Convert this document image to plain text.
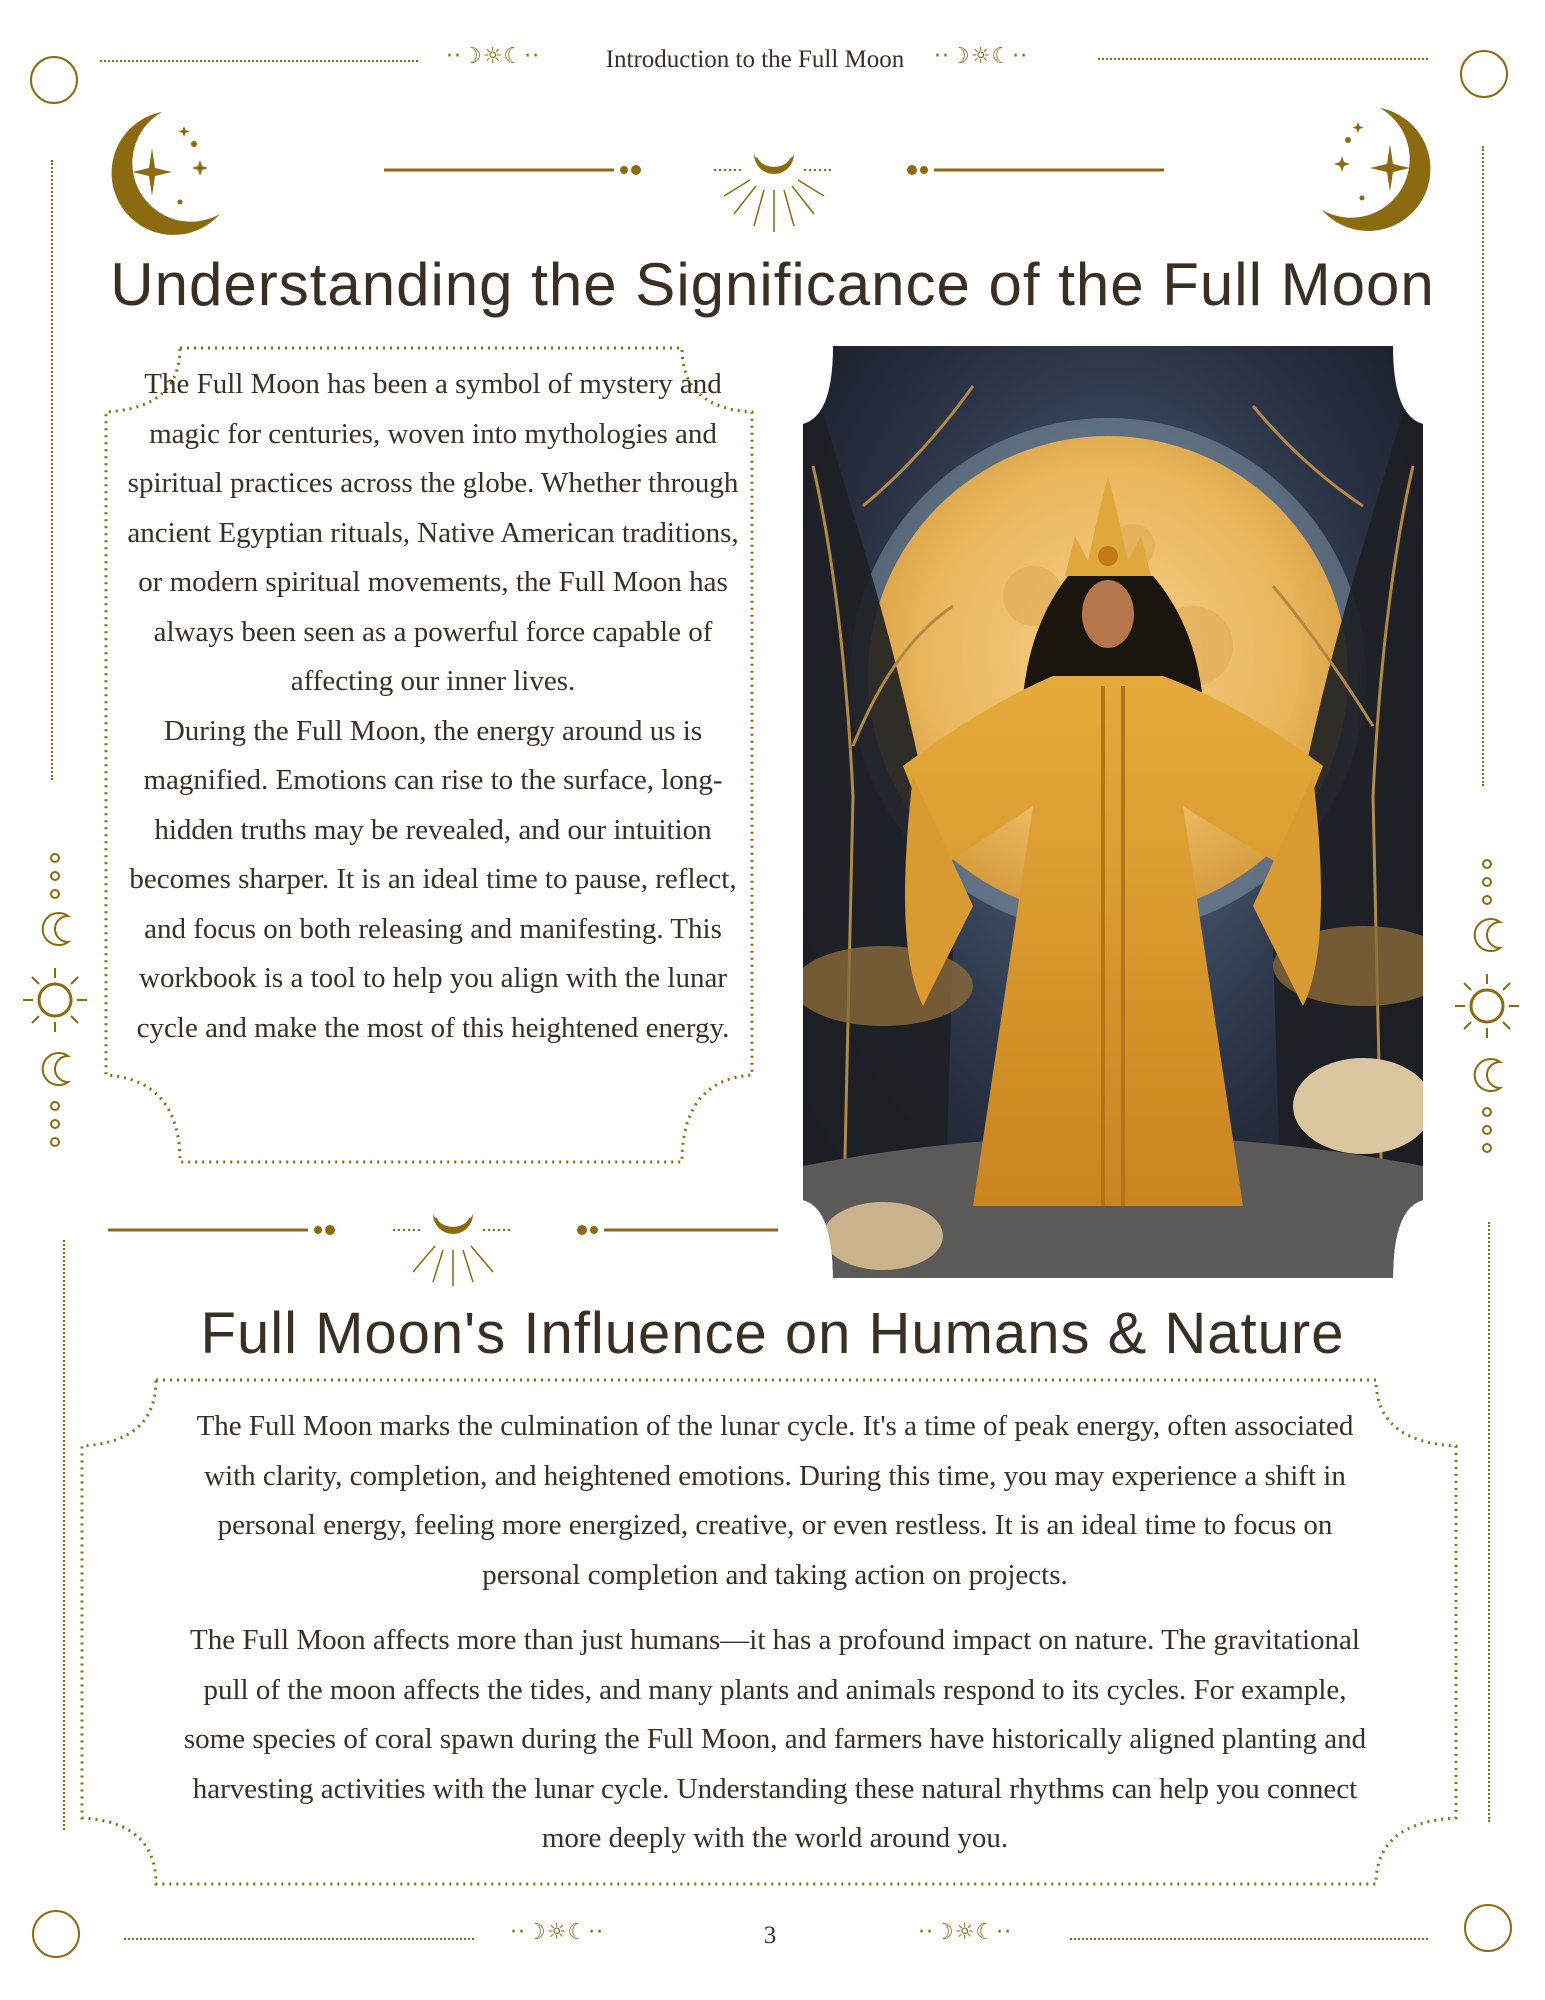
··☽☼☾··	Introduction to the Full Moon	··☽☼☾··
Understanding the Significance of the Full Moon

The Full Moon has been a symbol of mystery and magic for centuries, woven into mythologies and spiritual practices across the globe. Whether through ancient Egyptian rituals, Native American traditions, or modern spiritual movements, the Full Moon has always been seen as a powerful force capable of affecting our inner lives.

During the Full Moon, the energy around us is magnified. Emotions can rise to the surface, long-hidden truths may be revealed, and our intuition becomes sharper. It is an ideal time to pause, reflect, and focus on both releasing and manifesting. This workbook is a tool to help you align with the lunar cycle and make the most of this heightened energy.

Full Moon's Influence on Humans & Nature

The Full Moon marks the culmination of the lunar cycle. It's a time of peak energy, often associated with clarity, completion, and heightened emotions. During this time, you may experience a shift in personal energy, feeling more energized, creative, or even restless. It is an ideal time to focus on personal completion and taking action on projects.

The Full Moon affects more than just humans—it has a profound impact on nature. The gravitational pull of the moon affects the tides, and many plants and animals respond to its cycles. For example, some species of coral spawn during the Full Moon, and farmers have historically aligned planting and harvesting activities with the lunar cycle. Understanding these natural rhythms can help you connect more deeply with the world around you.

··☽☼☾··	3	··☽☼☾··
